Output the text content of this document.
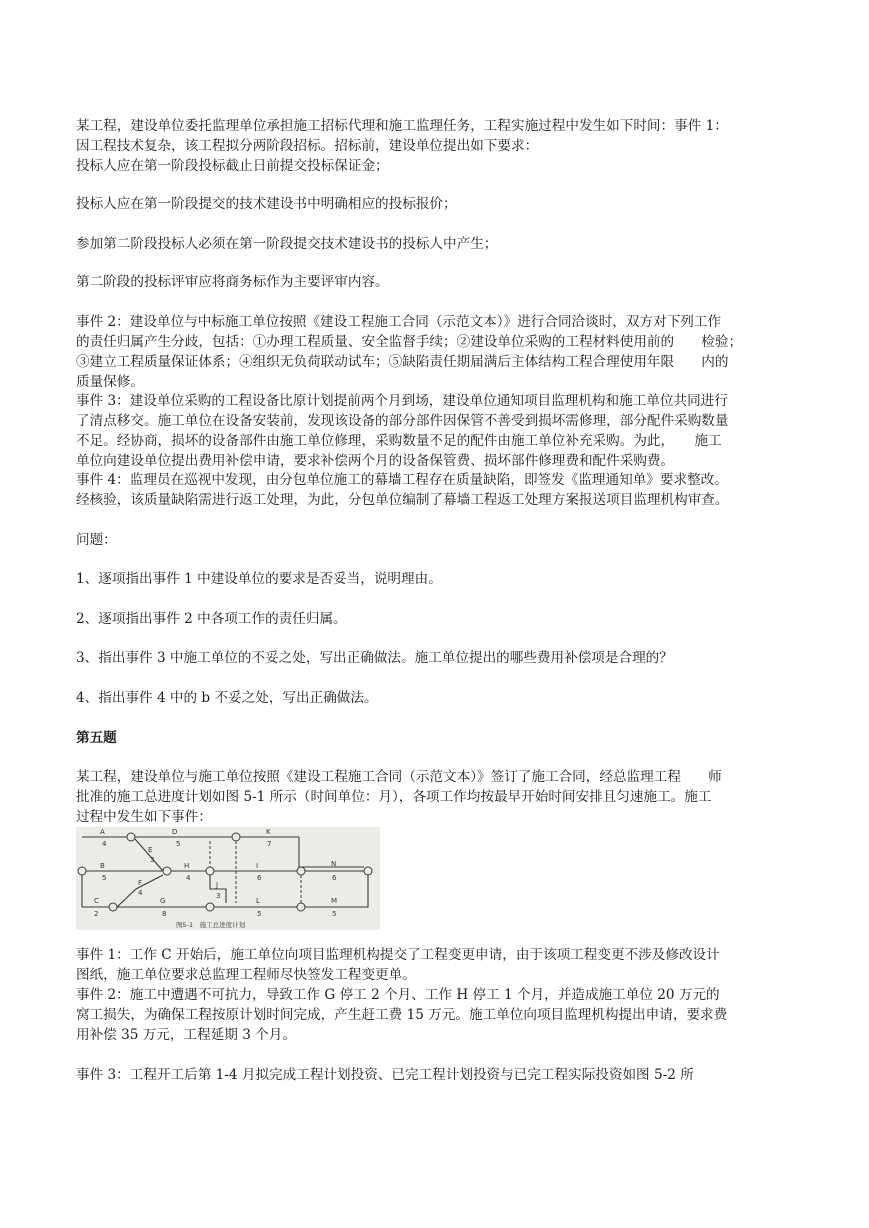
某工程，建设单位委托监理单位承担施工招标代理和施工监理任务，工程实施过程中发生如下时间：事件 1：
因工程技术复杂，该工程拟分两阶段招标。招标前，建设单位提出如下要求：
投标人应在第一阶段投标截止日前提交投标保证金；
投标人应在第一阶段提交的技术建设书中明确相应的投标报价；
参加第二阶段投标人必须在第一阶段提交技术建设书的投标人中产生；
第二阶段的投标评审应将商务标作为主要评审内容。
事件 2：建设单位与中标施工单位按照《建设工程施工合同（示范文本）》进行合同洽谈时，双方对下列工作
的责任归属产生分歧，包括：①办理工程质量、安全监督手续；②建设单位采购的工程材料使用前的　　检验；
③建立工程质量保证体系；④组织无负荷联动试车；⑤缺陷责任期届满后主体结构工程合理使用年限　　内的
质量保修。
事件 3：建设单位采购的工程设备比原计划提前两个月到场，建设单位通知项目监理机构和施工单位共同进行
了清点移交。施工单位在设备安装前，发现该设备的部分部件因保管不善受到损坏需修理，部分配件采购数量
不足。经协商，损坏的设备部件由施工单位修理，采购数量不足的配件由施工单位补充采购。为此，　　施工
单位向建设单位提出费用补偿申请，要求补偿两个月的设备保管费、损坏部件修理费和配件采购费。
事件 4：监理员在巡视中发现，由分包单位施工的幕墙工程存在质量缺陷，即签发《监理通知单》要求整改。
经核验，该质量缺陷需进行返工处理，为此，分包单位编制了幕墙工程返工处理方案报送项目监理机构审查。
问题：
1、逐项指出事件 1 中建设单位的要求是否妥当，说明理由。
2、逐项指出事件 2 中各项工作的责任归属。
3、指出事件 3 中施工单位的不妥之处，写出正确做法。施工单位提出的哪些费用补偿项是合理的？
4、指出事件 4 中的 b 不妥之处，写出正确做法。
第五题
某工程，建设单位与施工单位按照《建设工程施工合同（示范文本）》签订了施工合同，经总监理工程　　师
批准的施工总进度计划如图 5-1 所示（时间单位：月），各项工作均按最早开始时间安排且匀速施工。施工
过程中发生如下事件：
A
4
B
5
C
2
D
5
E
3
F
4
G
8
H
4
I
6
J
3
K
7
L
5
M
5
N
6
图5-1　施工总进度计划
事件 1：工作 C 开始后，施工单位向项目监理机构提交了工程变更申请，由于该项工程变更不涉及修改设计
图纸，施工单位要求总监理工程师尽快签发工程变更单。
事件 2：施工中遭遇不可抗力，导致工作 G 停工 2 个月、工作 H 停工 1 个月，并造成施工单位 20 万元的
窝工损失，为确保工程按原计划时间完成，产生赶工费 15 万元。施工单位向项目监理机构提出申请，要求费
用补偿 35 万元，工程延期 3 个月。
事件 3：工程开工后第 1-4 月拟完成工程计划投资、已完工程计划投资与已完工程实际投资如图 5-2 所
